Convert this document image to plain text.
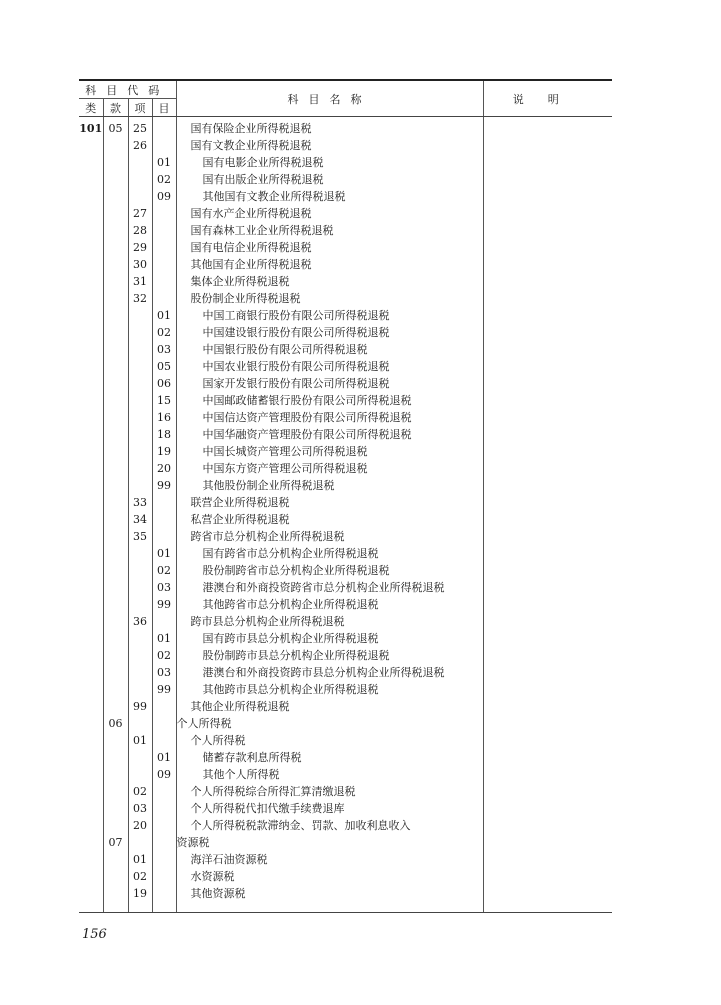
科目代码				科目名称	说明
类	款	项	目		
101	05	25		国有保险企业所得税退税	
		26		国有文教企业所得税退税	
			01	国有电影企业所得税退税	
			02	国有出版企业所得税退税	
			09	其他国有文教企业所得税退税	
		27		国有水产企业所得税退税	
		28		国有森林工业企业所得税退税	
		29		国有电信企业所得税退税	
		30		其他国有企业所得税退税	
		31		集体企业所得税退税	
		32		股份制企业所得税退税	
			01	中国工商银行股份有限公司所得税退税	
			02	中国建设银行股份有限公司所得税退税	
			03	中国银行股份有限公司所得税退税	
			05	中国农业银行股份有限公司所得税退税	
			06	国家开发银行股份有限公司所得税退税	
			15	中国邮政储蓄银行股份有限公司所得税退税	
			16	中国信达资产管理股份有限公司所得税退税	
			18	中国华融资产管理股份有限公司所得税退税	
			19	中国长城资产管理公司所得税退税	
			20	中国东方资产管理公司所得税退税	
			99	其他股份制企业所得税退税	
		33		联营企业所得税退税	
		34		私营企业所得税退税	
		35		跨省市总分机构企业所得税退税	
			01	国有跨省市总分机构企业所得税退税	
			02	股份制跨省市总分机构企业所得税退税	
			03	港澳台和外商投资跨省市总分机构企业所得税退税	
			99	其他跨省市总分机构企业所得税退税	
		36		跨市县总分机构企业所得税退税	
			01	国有跨市县总分机构企业所得税退税	
			02	股份制跨市县总分机构企业所得税退税	
			03	港澳台和外商投资跨市县总分机构企业所得税退税	
			99	其他跨市县总分机构企业所得税退税	
		99		其他企业所得税退税	
	06			个人所得税	
		01		个人所得税	
			01	储蓄存款利息所得税	
			09	其他个人所得税	
		02		个人所得税综合所得汇算清缴退税	
		03		个人所得税代扣代缴手续费退库	
		20		个人所得税税款滞纳金、罚款、加收利息收入	
	07			资源税	
		01		海洋石油资源税	
		02		水资源税	
		19		其他资源税	

156
